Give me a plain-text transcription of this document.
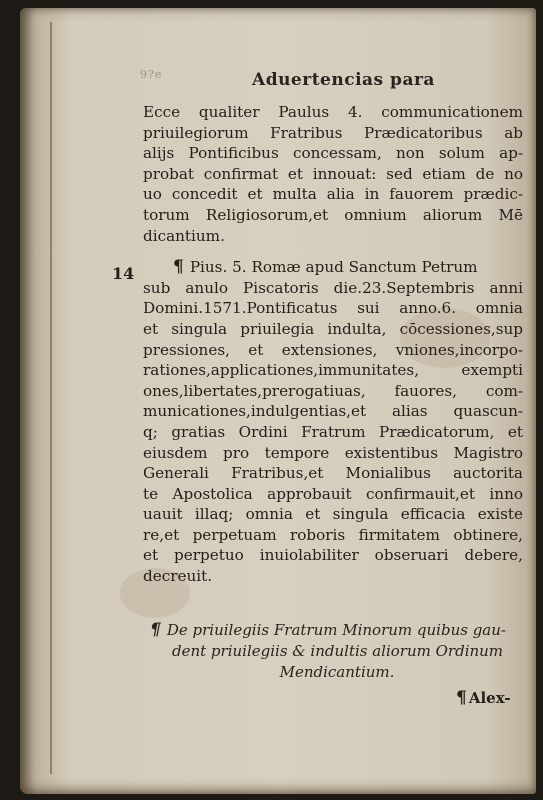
9?e	Aduertencias para
14
Ecce qualiter Paulus 4. communicationem
priuilegiorum Fratribus Prædicatoribus ab
alijs Pontificibus concessam, non solum ap-
probat confirmat et innouat: sed etiam de no
uo concedit et multa alia in fauorem prædic-
torum Religiosorum,et omnium aliorum Mē
dicantium.
¶ Pius. 5. Romæ apud Sanctum Petrum
sub anulo Piscatoris die.23.Septembris anni
Domini.1571.Pontificatus sui anno.6. omnia
et singula priuilegia indulta, cōcessiones,sup
pressiones, et extensiones, vniones,incorpo-
rationes,applicationes,immunitates, exempti
ones,libertates,prerogatiuas, fauores, com-
municationes,indulgentias,et alias quascun-
q; gratias Ordini Fratrum Prædicatorum, et
eiusdem pro tempore existentibus Magistro
Generali Fratribus,et Monialibus auctorita
te Apostolica approbauit confirmauit,et inno
uauit illaq; omnia et singula efficacia existe
re,et perpetuam roboris firmitatem obtinere,
et perpetuo inuiolabiliter obseruari debere,
decreuit.
¶ De priuilegiis Fratrum Minorum quibus gau-
dent priuilegiis & indultis aliorum Ordinum
Mendicantium.
¶ Alex-
